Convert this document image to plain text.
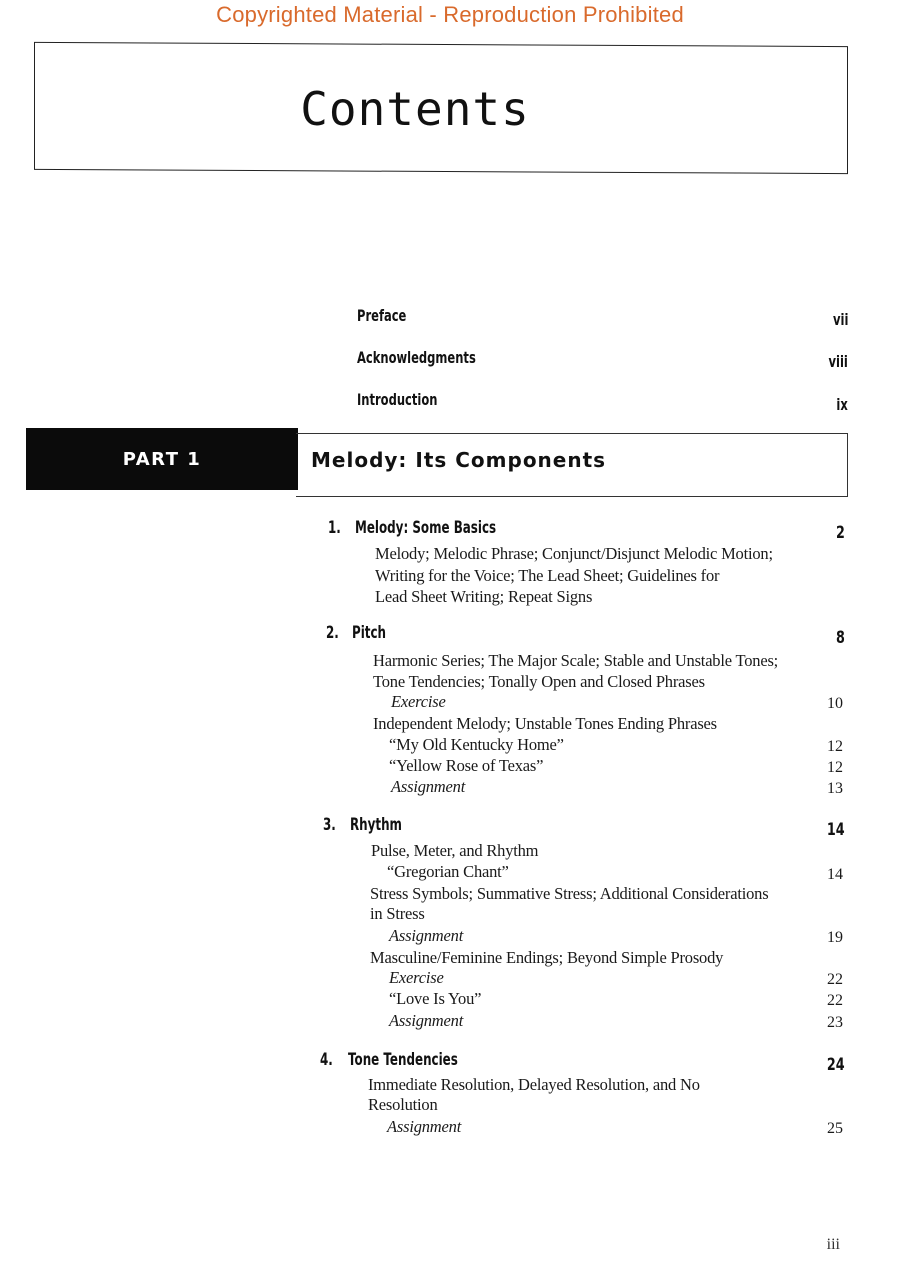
Copyrighted Material - Reproduction Prohibited
Contents
Preface	vii
Acknowledgments	viii
Introduction	ix
PART 1	Melody: Its Components
1. Melody: Some Basics	2
Melody; Melodic Phrase; Conjunct/Disjunct Melodic Motion;
Writing for the Voice; The Lead Sheet; Guidelines for
Lead Sheet Writing; Repeat Signs
2. Pitch	8
Harmonic Series; The Major Scale; Stable and Unstable Tones;
Tone Tendencies; Tonally Open and Closed Phrases
Exercise	10
Independent Melody; Unstable Tones Ending Phrases
“My Old Kentucky Home”	12
“Yellow Rose of Texas”	12
Assignment	13
3. Rhythm	14
Pulse, Meter, and Rhythm
“Gregorian Chant”	14
Stress Symbols; Summative Stress; Additional Considerations
in Stress
Assignment	19
Masculine/Feminine Endings; Beyond Simple Prosody
Exercise	22
“Love Is You”	22
Assignment	23
4. Tone Tendencies	24
Immediate Resolution, Delayed Resolution, and No
Resolution
Assignment	25
iii
